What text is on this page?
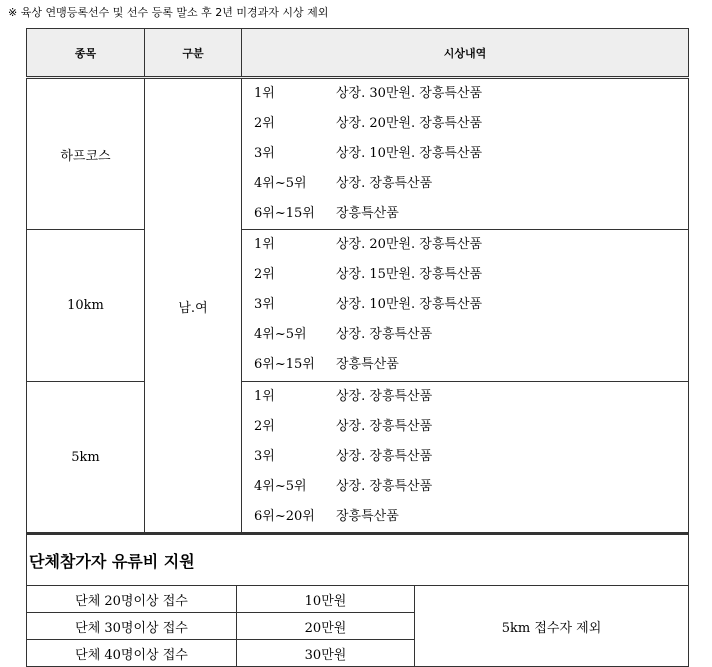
※ 육상 연맹등록선수 및 선수 등록 말소 후 2년 미경과자 시상 제외
종목	구분	시상내역
하프코스	남.여	1위 상장. 30만원. 장흥특산품
2위 상장. 20만원. 장흥특산품
3위 상장. 10만원. 장흥특산품
4위~5위 상장. 장흥특산품
6위~15위 장흥특산품

10km		1위 상장. 20만원. 장흥특산품
2위 상장. 15만원. 장흥특산품
3위 상장. 10만원. 장흥특산품
4위~5위 상장. 장흥특산품
6위~15위 장흥특산품

5km		1위 상장. 장흥특산품
2위 상장. 장흥특산품
3위 상장. 장흥특산품
4위~5위 상장. 장흥특산품
6위~20위 장흥특산품
단체참가자 유류비 지원		
단체 20명이상 접수	10만원	5km 접수자 제외
단체 30명이상 접수	20만원	
단체 40명이상 접수	30만원	
